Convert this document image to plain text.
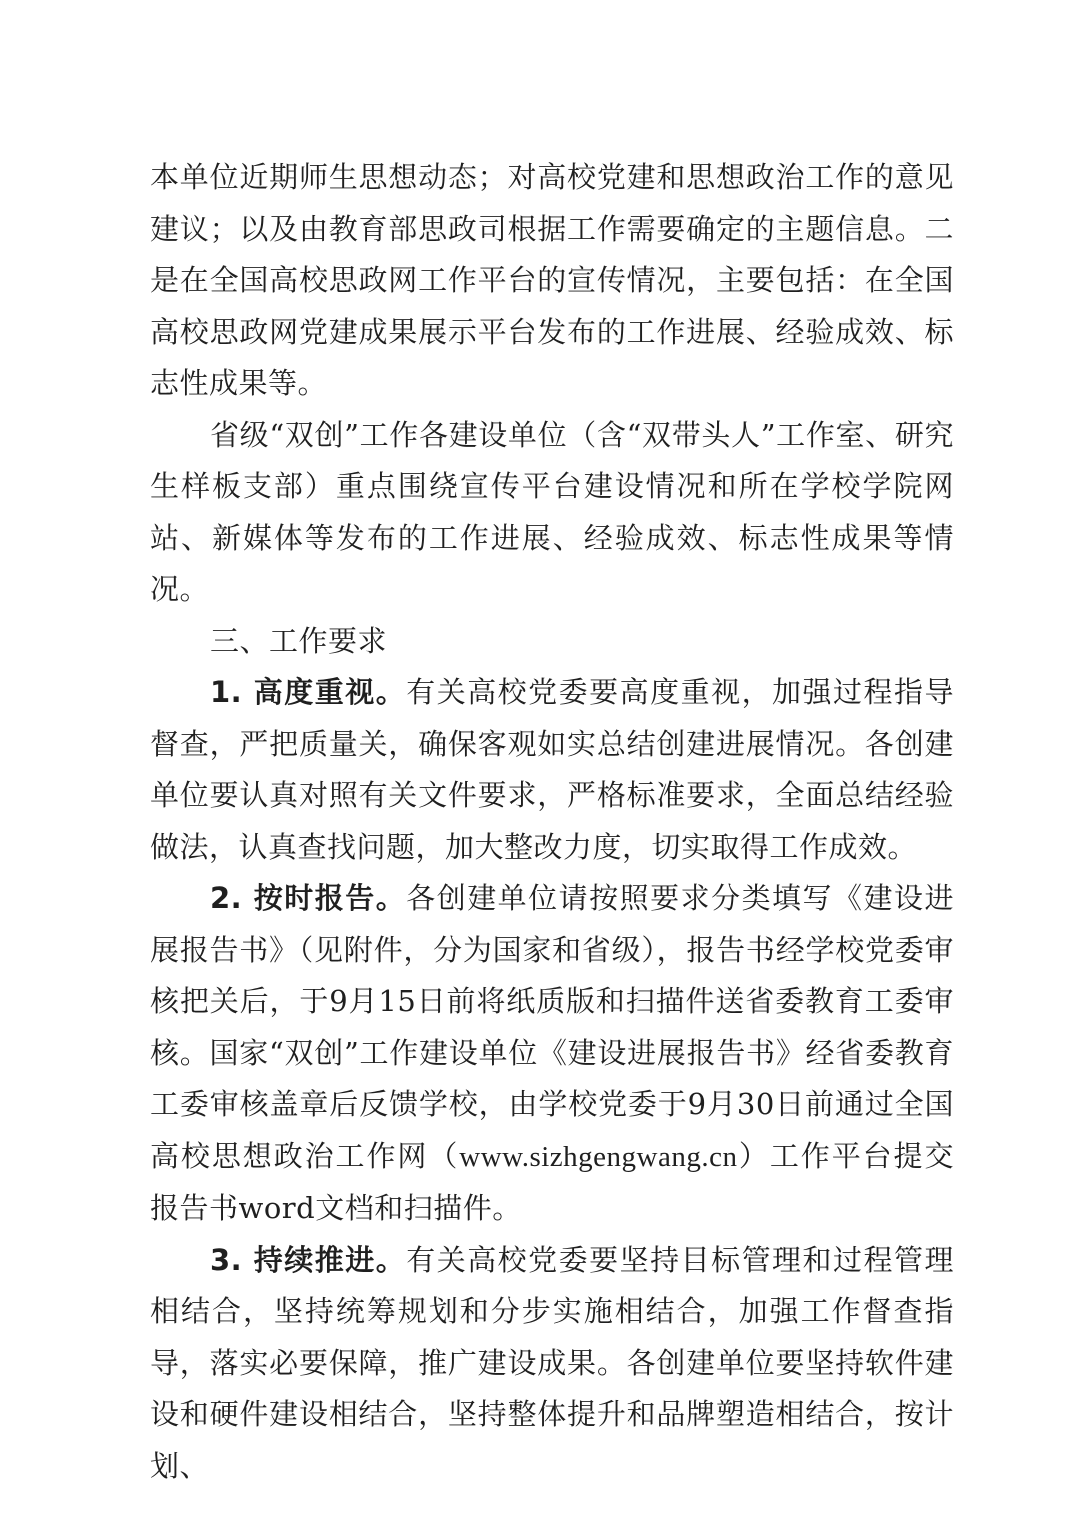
本单位近期师生思想动态；对高校党建和思想政治工作的意见建议；以及由教育部思政司根据工作需要确定的主题信息。二是在全国高校思政网工作平台的宣传情况，主要包括：在全国高校思政网党建成果展示平台发布的工作进展、经验成效、标志性成果等。

省级“双创”工作各建设单位（含“双带头人”工作室、研究生样板支部）重点围绕宣传平台建设情况和所在学校学院网站、新媒体等发布的工作进展、经验成效、标志性成果等情况。

三、工作要求

1. 高度重视。有关高校党委要高度重视，加强过程指导督查，严把质量关，确保客观如实总结创建进展情况。各创建单位要认真对照有关文件要求，严格标准要求，全面总结经验做法，认真查找问题，加大整改力度，切实取得工作成效。

2. 按时报告。各创建单位请按照要求分类填写《建设进展报告书》（见附件，分为国家和省级），报告书经学校党委审核把关后，于9月15日前将纸质版和扫描件送省委教育工委审核。国家“双创”工作建设单位《建设进展报告书》经省委教育工委审核盖章后反馈学校，由学校党委于9月30日前通过全国高校思想政治工作网（www.sizhgengwang.cn）工作平台提交报告书word文档和扫描件。

3. 持续推进。有关高校党委要坚持目标管理和过程管理相结合，坚持统筹规划和分步实施相结合，加强工作督查指导，落实必要保障，推广建设成果。各创建单位要坚持软件建设和硬件建设相结合，坚持整体提升和品牌塑造相结合，按计划、
